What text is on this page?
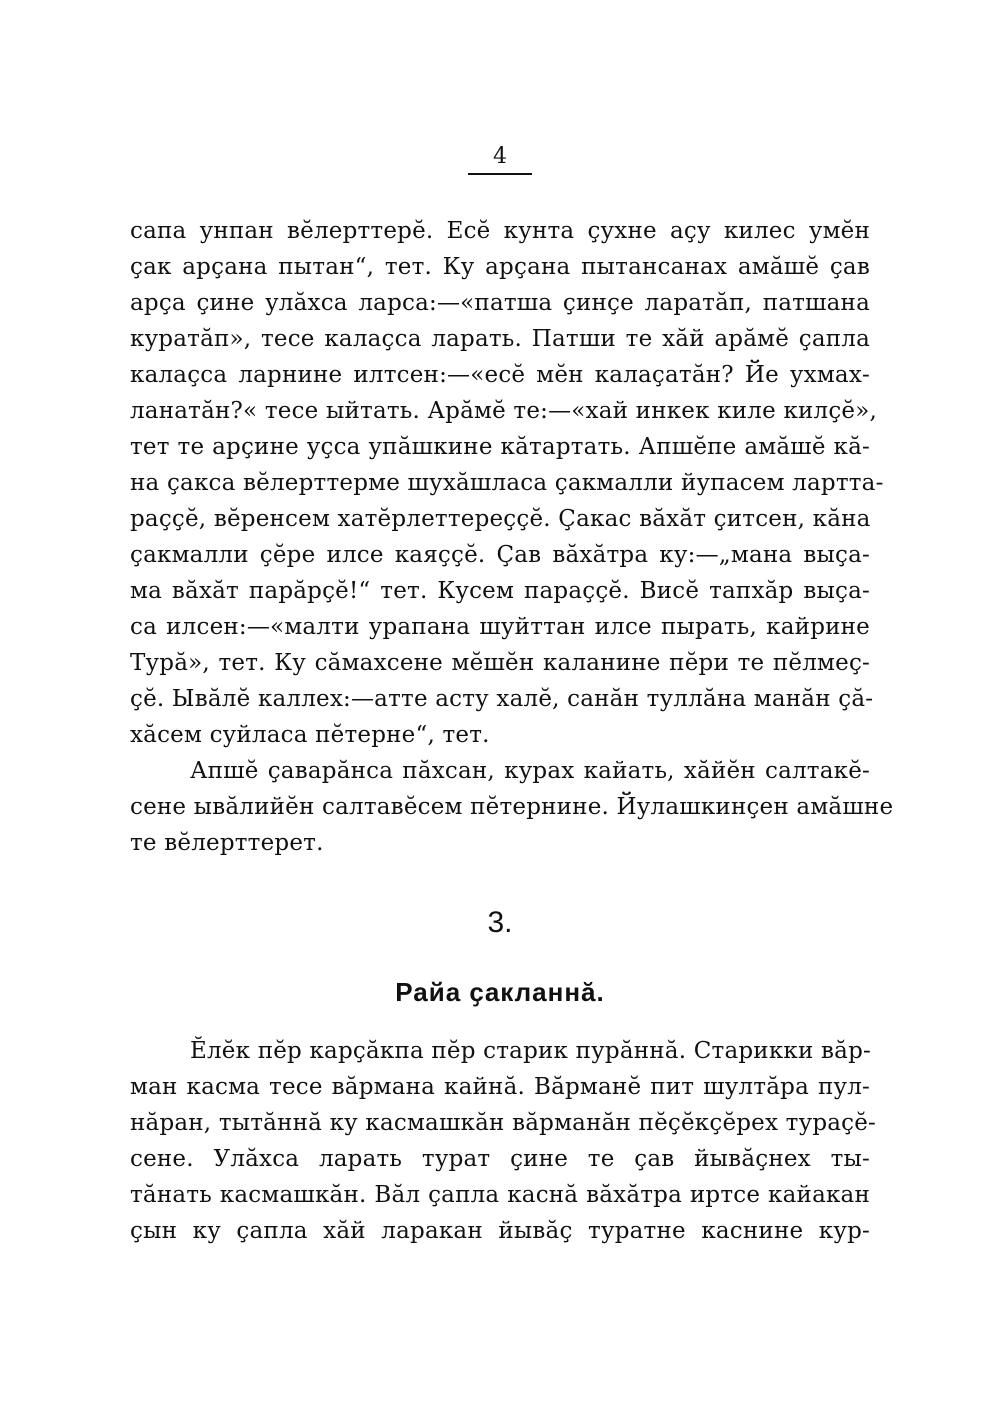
4
сапа унпан вӗлерттерӗ. Есӗ кунта ҫухне аҫу килес умӗн
ҫак арҫана пытан“, тет. Ку арҫана пытансанах амӑшӗ ҫав
арҫа ҫине улӑхса ларса:—«патша ҫинҫе ларатӑп, патшана
куратӑп», тесе калаҫса ларать. Патши те хӑй арӑмӗ ҫапла
калаҫса ларнине илтсен:—«есӗ мӗн калаҫатӑн? Йе ухмах-
ланатӑн?« тесе ыйтать. Арӑмӗ те:—«хай инкек киле килҫӗ»,
тет те арҫине уҫса упӑшкине кӑтартать. Апшӗпе амӑшӗ кӑ-
на ҫакса вӗлерттерме шухӑшласа ҫакмалли йупасем лартта-
раҫҫӗ, вӗренсем хатӗрлеттереҫҫӗ. Ҫакас вӑхӑт ҫитсен, кӑна
ҫакмалли ҫӗре илсе каяҫҫӗ. Ҫав вӑхӑтра ку:—„мана выҫа-
ма вӑхӑт парӑрҫӗ!“ тет. Кусем параҫҫӗ. Висӗ тапхӑр выҫа-
са илсен:—«малти урапана шуйттан илсе пырать, кайрине
Турӑ», тет. Ку сӑмахсене мӗшӗн каланине пӗри те пӗлмеҫ-
ҫӗ. Ывӑлӗ каллех:—атте асту халӗ, санӑн туллӑна манӑн ҫӑ-
хӑсем суйласа пӗтерне“, тет.
Апшӗ ҫаварӑнса пӑхсан, курах кайать, хӑйӗн салтакӗ-
сене ывӑлийӗн салтавӗсем пӗтернине. Йулашкинҫен амӑшне
те вӗлерттерет.
3.
Райа ҫакланнӑ.
Ӗлӗк пӗр карҫӑкпа пӗр старик пурӑннӑ. Старикки вӑр-
ман касма тесе вӑрмана кайнӑ. Вӑрманӗ пит шултӑра пул-
нӑран, тытӑннӑ ку касмашкӑн вӑрманӑн пӗҫӗкҫӗрех тураҫӗ-
сене. Улӑхса ларать турат ҫине те ҫав йывӑҫнех ты-
тӑнать касмашкӑн. Вӑл ҫапла каснӑ вӑхӑтра иртсе кайакан
ҫын ку ҫапла хӑй ларакан йывӑҫ туратне каснине кур-
